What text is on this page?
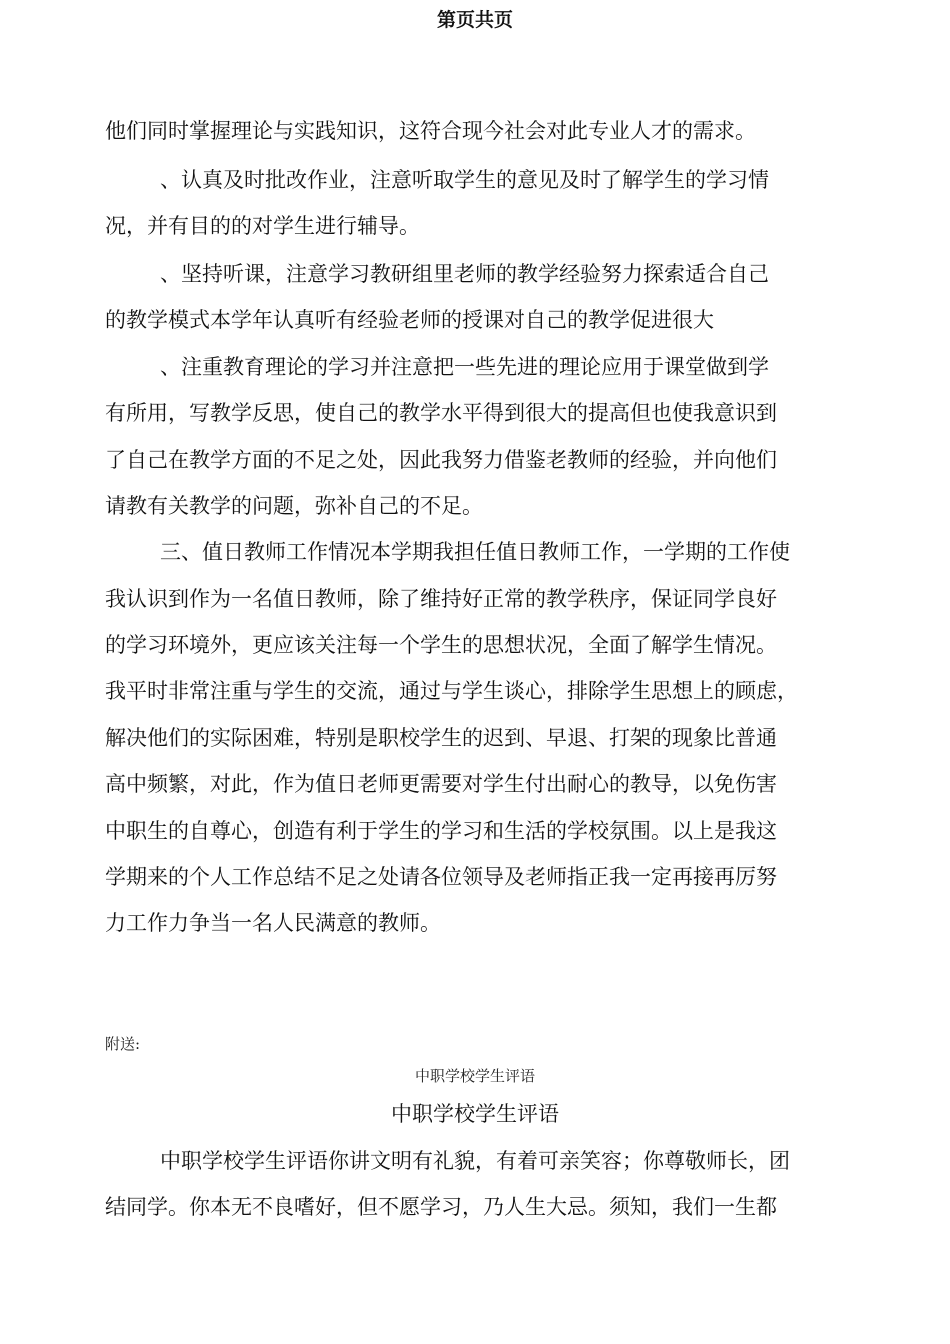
第页共页
他们同时掌握理论与实践知识，这符合现今社会对此专业人才的需求。
、认真及时批改作业，注意听取学生的意见及时了解学生的学习情
况，并有目的的对学生进行辅导。
、坚持听课，注意学习教研组里老师的教学经验努力探索适合自己
的教学模式本学年认真听有经验老师的授课对自己的教学促进很大
、注重教育理论的学习并注意把一些先进的理论应用于课堂做到学
有所用，写教学反思，使自己的教学水平得到很大的提高但也使我意识到
了自己在教学方面的不足之处，因此我努力借鉴老教师的经验，并向他们
请教有关教学的问题，弥补自己的不足。
三、值日教师工作情况本学期我担任值日教师工作，一学期的工作使
我认识到作为一名值日教师，除了维持好正常的教学秩序，保证同学良好
的学习环境外，更应该关注每一个学生的思想状况，全面了解学生情况。
我平时非常注重与学生的交流，通过与学生谈心，排除学生思想上的顾虑，
解决他们的实际困难，特别是职校学生的迟到、早退、打架的现象比普通
高中频繁，对此，作为值日老师更需要对学生付出耐心的教导，以免伤害
中职生的自尊心，创造有利于学生的学习和生活的学校氛围。以上是我这
学期来的个人工作总结不足之处请各位领导及老师指正我一定再接再厉努
力工作力争当一名人民满意的教师。
附送:
中职学校学生评语
中职学校学生评语
中职学校学生评语你讲文明有礼貌，有着可亲笑容；你尊敬师长，团
结同学。你本无不良嗜好，但不愿学习，乃人生大忌。须知，我们一生都
